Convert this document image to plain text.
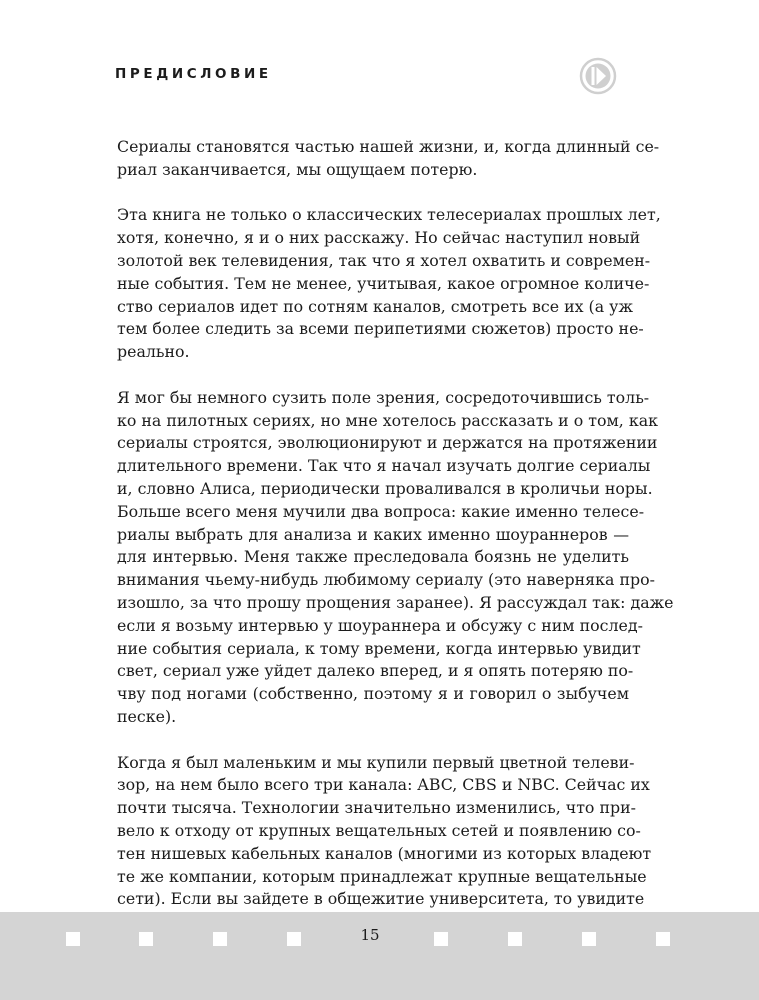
ПРЕДИСЛОВИЕ

Сериалы становятся частью нашей жизни, и, когда длинный се-
риал заканчивается, мы ощущаем потерю.

Эта книга не только о классических телесериалах прошлых лет,
хотя, конечно, я и о них расскажу. Но сейчас наступил новый
золотой век телевидения, так что я хотел охватить и современ-
ные события. Тем не менее, учитывая, какое огромное количе-
ство сериалов идет по сотням каналов, смотреть все их (а уж
тем более следить за всеми перипетиями сюжетов) просто не-
реально.

Я мог бы немного сузить поле зрения, сосредоточившись толь-
ко на пилотных сериях, но мне хотелось рассказать и о том, как
сериалы строятся, эволюционируют и держатся на протяжении
длительного времени. Так что я начал изучать долгие сериалы
и, словно Алиса, периодически проваливался в кроличьи норы.
Больше всего меня мучили два вопроса: какие именно телесе-
риалы выбрать для анализа и каких именно шоураннеров —
для интервью. Меня также преследовала боязнь не уделить
внимания чьему-нибудь любимому сериалу (это наверняка про-
изошло, за что прошу прощения заранее). Я рассуждал так: даже
если я возьму интервью у шоураннера и обсужу с ним послед-
ние события сериала, к тому времени, когда интервью увидит
свет, сериал уже уйдет далеко вперед, и я опять потеряю по-
чву под ногами (собственно, поэтому я и говорил о зыбучем
песке).

Когда я был маленьким и мы купили первый цветной телеви-
зор, на нем было всего три канала: ABC, CBS и NBC. Сейчас их
почти тысяча. Технологии значительно изменились, что при-
вело к отходу от крупных вещательных сетей и появлению со-
тен нишевых кабельных каналов (многими из которых владеют
те же компании, которым принадлежат крупные вещательные
сети). Если вы зайдете в общежитие университета, то увидите

15
